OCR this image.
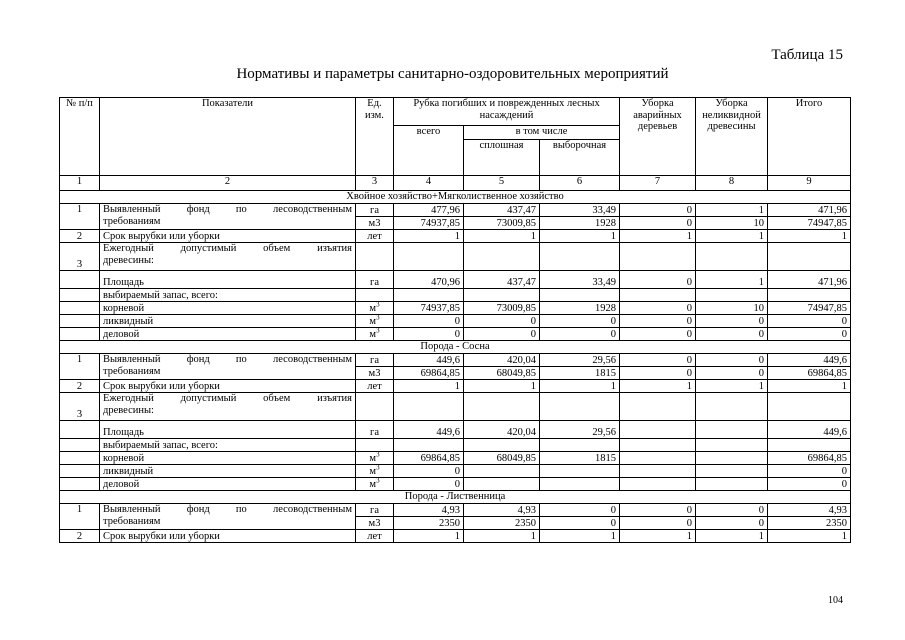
Таблица 15
Нормативы и параметры санитарно-оздоровительных мероприятий
№ п/п	Показатели	Ед. изм.	Рубка погибших и поврежденных лесных насаждений			Уборка аварийных деревьев	Уборка неликвидной древесины	Итого
			всего	в том числе				
				сплошная	выборочная			
1	2	3	4	5	6	7	8	9
Хвойное хозяйство+Мягколиственное хозяйство								
1	Выявленный фонд по лесоводственным
требованиям	га	477,96	437,47	33,49	0	1	471,96
		м3	74937,85	73009,85	1928	0	10	74947,85
2	Срок вырубки или уборки	лет	1	1	1	1	1	1
3	Ежегодный допустимый объем изъятия
древесины:							

	Площадь	га	470,96	437,47	33,49	0	1	471,96
	выбираемый запас, всего:							
	корневой	$м^3$	74937,85	73009,85	1928	0	10	74947,85
	ликвидный	$м^3$	0	0	0	0	0	0
	деловой	$м^3$	0	0	0	0	0	0
Порода - Сосна								
1	Выявленный фонд по лесоводственным
требованиям	га	449,6	420,04	29,56	0	0	449,6
		м3	69864,85	68049,85	1815	0	0	69864,85
2	Срок вырубки или уборки	лет	1	1	1	1	1	1
3	Ежегодный допустимый объем изъятия
древесины:							

	Площадь	га	449,6	420,04	29,56			449,6
	выбираемый запас, всего:							
	корневой	$м^3$	69864,85	68049,85	1815			69864,85
	ликвидный	$м^3$	0					0
	деловой	$м^3$	0					0
Порода - Лиственница								
1	Выявленный фонд по лесоводственным
требованиям	га	4,93	4,93	0	0	0	4,93
		м3	2350	2350	0	0	0	2350
2	Срок вырубки или уборки	лет	1	1	1	1	1	1
104
